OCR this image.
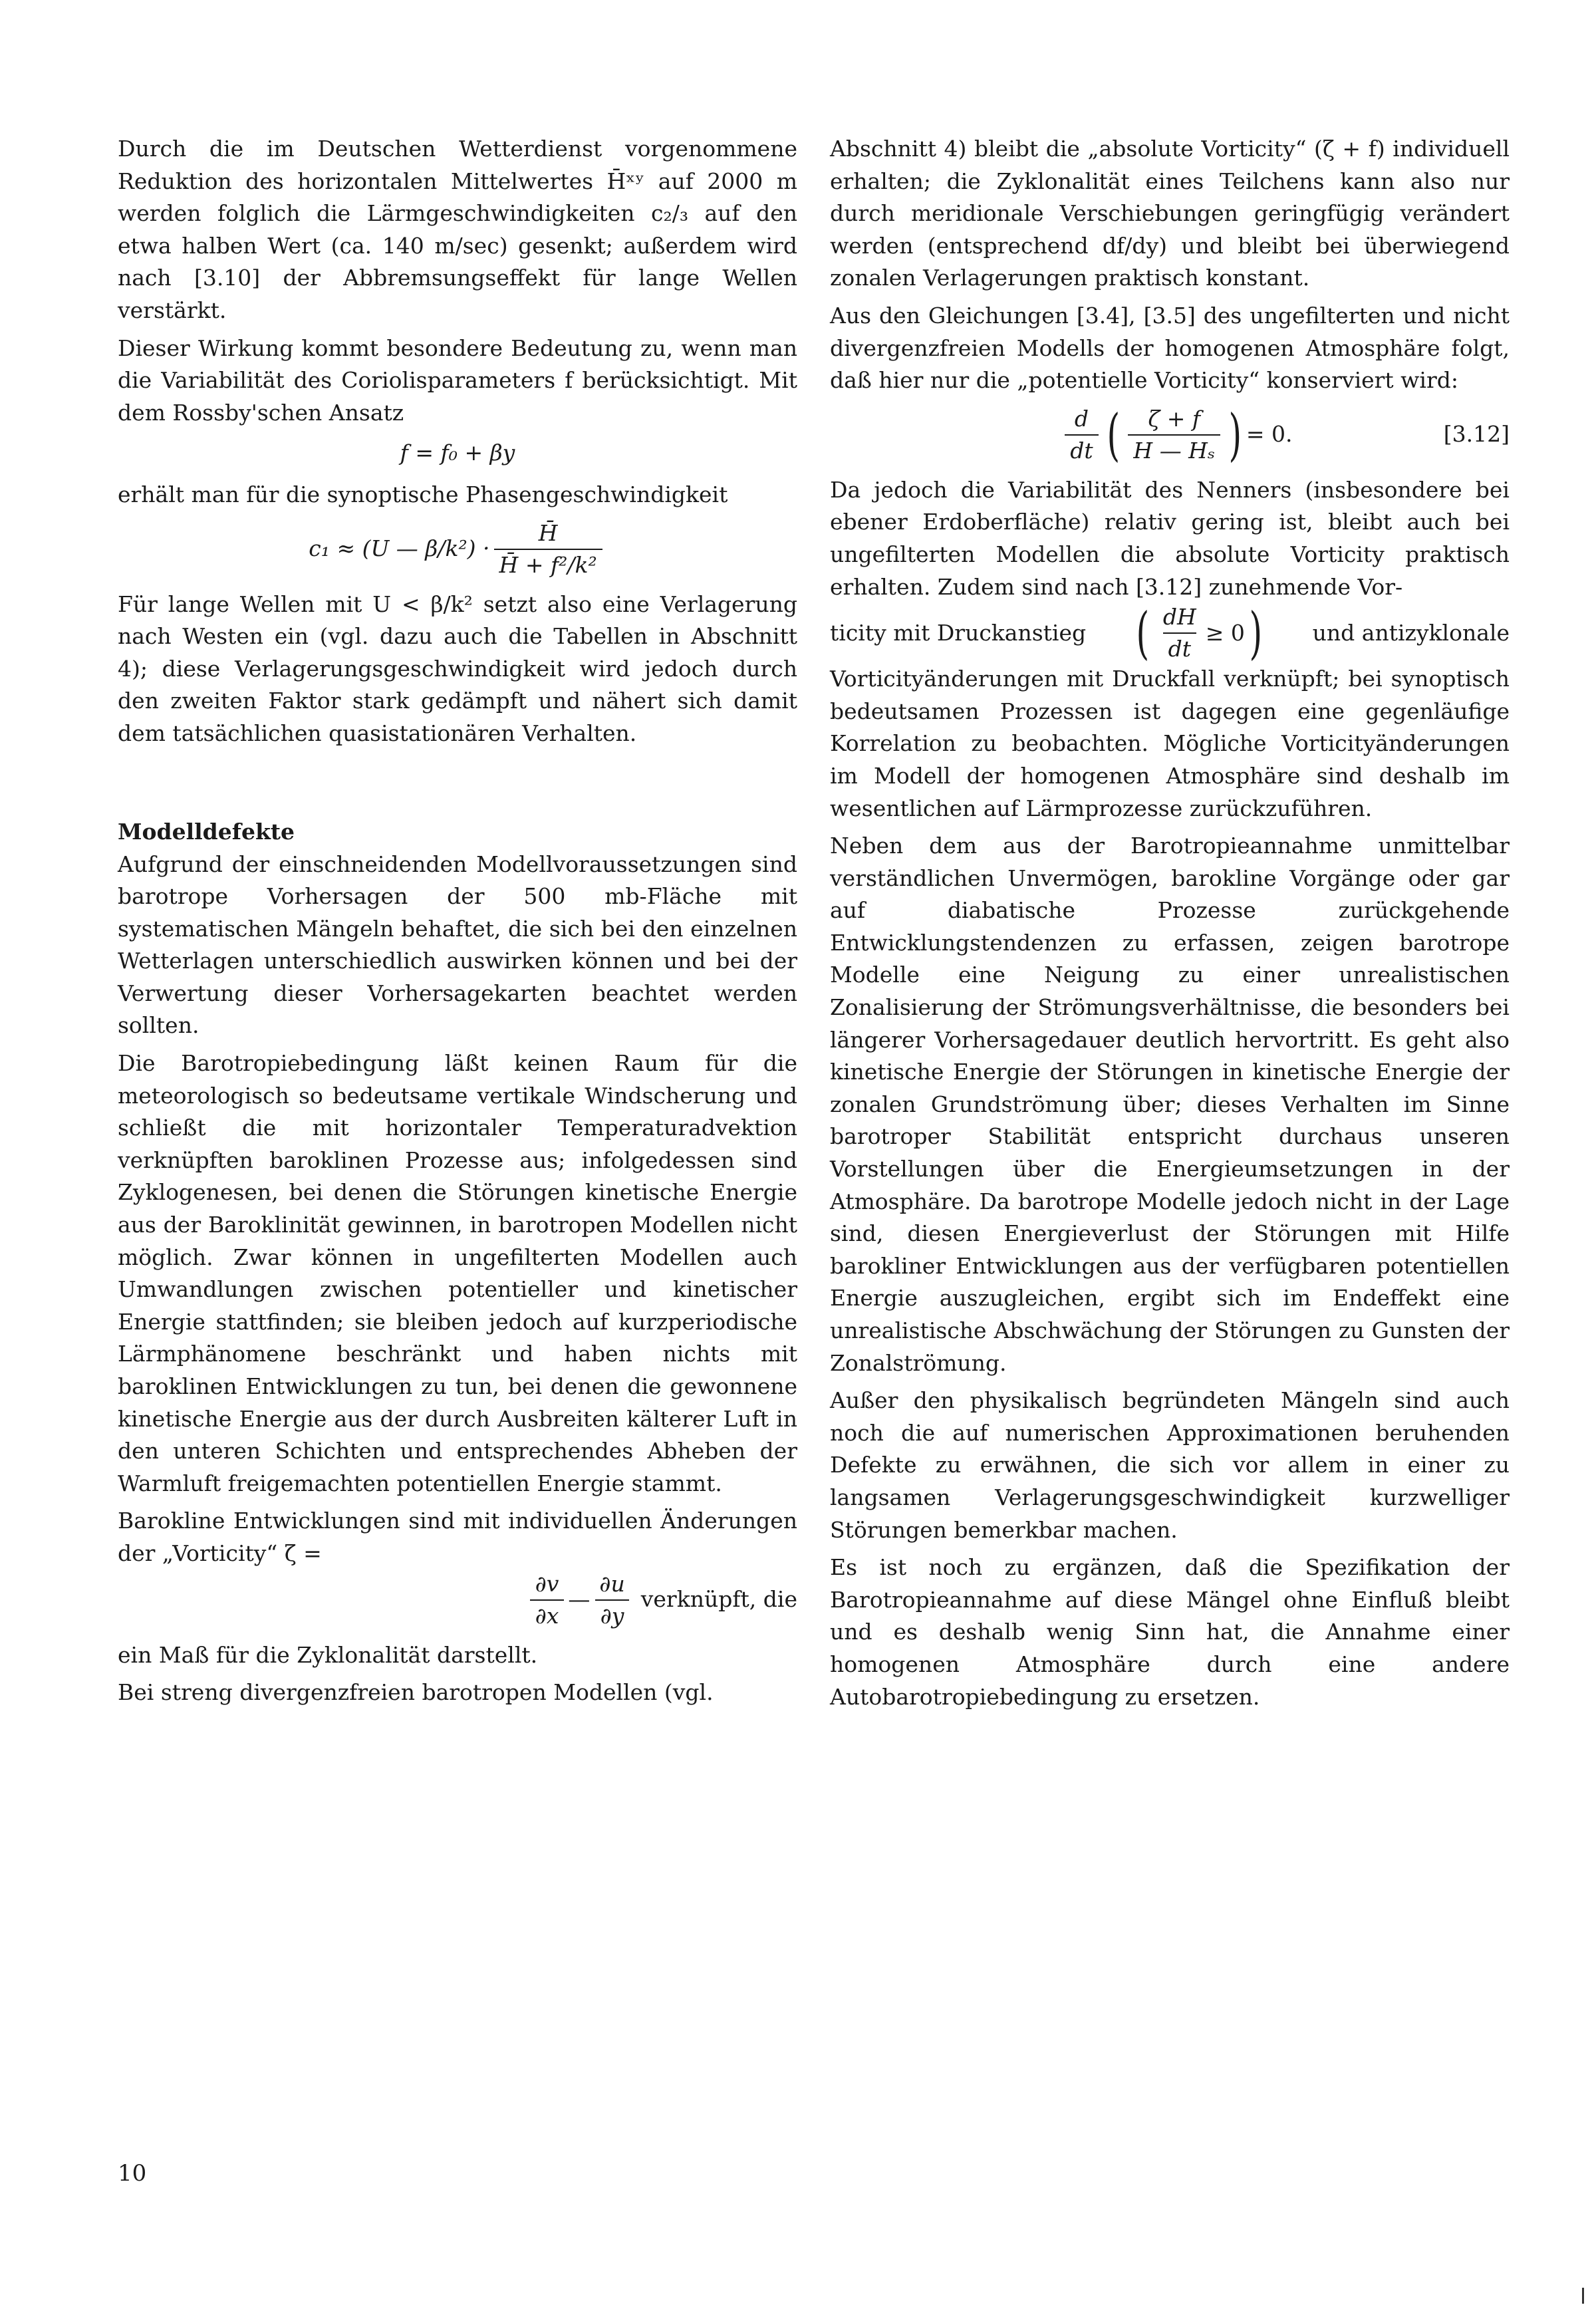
Durch die im Deutschen Wetterdienst vorgenommene Reduktion des horizontalen Mittelwertes H̄ˣʸ auf 2000 m werden folglich die Lärmgeschwindigkeiten c₂/₃ auf den etwa halben Wert (ca. 140 m/sec) gesenkt; außerdem wird nach [3.10] der Abbremsungseffekt für lange Wellen verstärkt.

Dieser Wirkung kommt besondere Bedeutung zu, wenn man die Variabilität des Coriolisparameters f berücksichtigt. Mit dem Rossby'schen Ansatz

f = f₀ + βy

erhält man für die synoptische Phasengeschwindigkeit

c₁ ≈ (U — $\beta/k^2) \cdot \frac{H̄}{\text{H̄ + f²/k²}}$

Für lange Wellen mit U < β/k² setzt also eine Verlagerung nach Westen ein (vgl. dazu auch die Tabellen in Abschnitt 4); diese Verlagerungsgeschwindigkeit wird jedoch durch den zweiten Faktor stark gedämpft und nähert sich damit dem tatsächlichen quasistationären Verhalten.

Modelldefekte

Aufgrund der einschneidenden Modellvoraussetzungen sind barotrope Vorhersagen der 500 mb-Fläche mit systematischen Mängeln behaftet, die sich bei den einzelnen Wetterlagen unterschiedlich auswirken können und bei der Verwertung dieser Vorhersagekarten beachtet werden sollten.

Die Barotropiebedingung läßt keinen Raum für die meteorologisch so bedeutsame vertikale Windscherung und schließt die mit horizontaler Temperaturadvektion verknüpften baroklinen Prozesse aus; infolgedessen sind Zyklogenesen, bei denen die Störungen kinetische Energie aus der Baroklinität gewinnen, in barotropen Modellen nicht möglich. Zwar können in ungefilterten Modellen auch Umwandlungen zwischen potentieller und kinetischer Energie stattfinden; sie bleiben jedoch auf kurzperiodische Lärmphänomene beschränkt und haben nichts mit baroklinen Entwicklungen zu tun, bei denen die gewonnene kinetische Energie aus der durch Ausbreiten kälterer Luft in den unteren Schichten und entsprechendes Abheben der Warmluft freigemachten potentiellen Energie stammt.

Barokline Entwicklungen sind mit individuellen Änderungen der „Vorticity“ ζ =

$\frac{\partial v}{\partial x}$ — $\frac{\partial u}{\partial y}$ verknüpft, die

ein Maß für die Zyklonalität darstellt.

Bei streng divergenzfreien barotropen Modellen (vgl.

Abschnitt 4) bleibt die „absolute Vorticity“ (ζ + f) individuell erhalten; die Zyklonalität eines Teilchens kann also nur durch meridionale Verschiebungen geringfügig verändert werden (entsprechend df/dy) und bleibt bei überwiegend zonalen Verlagerungen praktisch konstant.

Aus den Gleichungen [3.4], [3.5] des ungefilterten und nicht divergenzfreien Modells der homogenen Atmosphäre folgt, daß hier nur die „potentielle Vorticity“ konserviert wird:

$\frac{d}{dt}$ ( $\frac{\zeta + f}{\text{H — Hₛ}}$ ) = 0.	[3.12]

Da jedoch die Variabilität des Nenners (insbesondere bei ebener Erdoberfläche) relativ gering ist, bleibt auch bei ungefilterten Modellen die absolute Vorticity praktisch erhalten. Zudem sind nach [3.12] zunehmende Vor-

ticity mit Druckanstieg ( $\frac{dH}{dt} \ge 0$ ) und antizyklonale

Vorticityänderungen mit Druckfall verknüpft; bei synoptisch bedeutsamen Prozessen ist dagegen eine gegenläufige Korrelation zu beobachten. Mögliche Vorticityänderungen im Modell der homogenen Atmosphäre sind deshalb im wesentlichen auf Lärmprozesse zurückzuführen.

Neben dem aus der Barotropieannahme unmittelbar verständlichen Unvermögen, barokline Vorgänge oder gar auf diabatische Prozesse zurückgehende Entwicklungstendenzen zu erfassen, zeigen barotrope Modelle eine Neigung zu einer unrealistischen Zonalisierung der Strömungsverhältnisse, die besonders bei längerer Vorhersagedauer deutlich hervortritt. Es geht also kinetische Energie der Störungen in kinetische Energie der zonalen Grundströmung über; dieses Verhalten im Sinne barotroper Stabilität entspricht durchaus unseren Vorstellungen über die Energieumsetzungen in der Atmosphäre. Da barotrope Modelle jedoch nicht in der Lage sind, diesen Energieverlust der Störungen mit Hilfe barokliner Entwicklungen aus der verfügbaren potentiellen Energie auszugleichen, ergibt sich im Endeffekt eine unrealistische Abschwächung der Störungen zu Gunsten der Zonalströmung.

Außer den physikalisch begründeten Mängeln sind auch noch die auf numerischen Approximationen beruhenden Defekte zu erwähnen, die sich vor allem in einer zu langsamen Verlagerungsgeschwindigkeit kurzwelliger Störungen bemerkbar machen.

Es ist noch zu ergänzen, daß die Spezifikation der Barotropieannahme auf diese Mängel ohne Einfluß bleibt und es deshalb wenig Sinn hat, die Annahme einer homogenen Atmosphäre durch eine andere Autobarotropiebedingung zu ersetzen.

10
